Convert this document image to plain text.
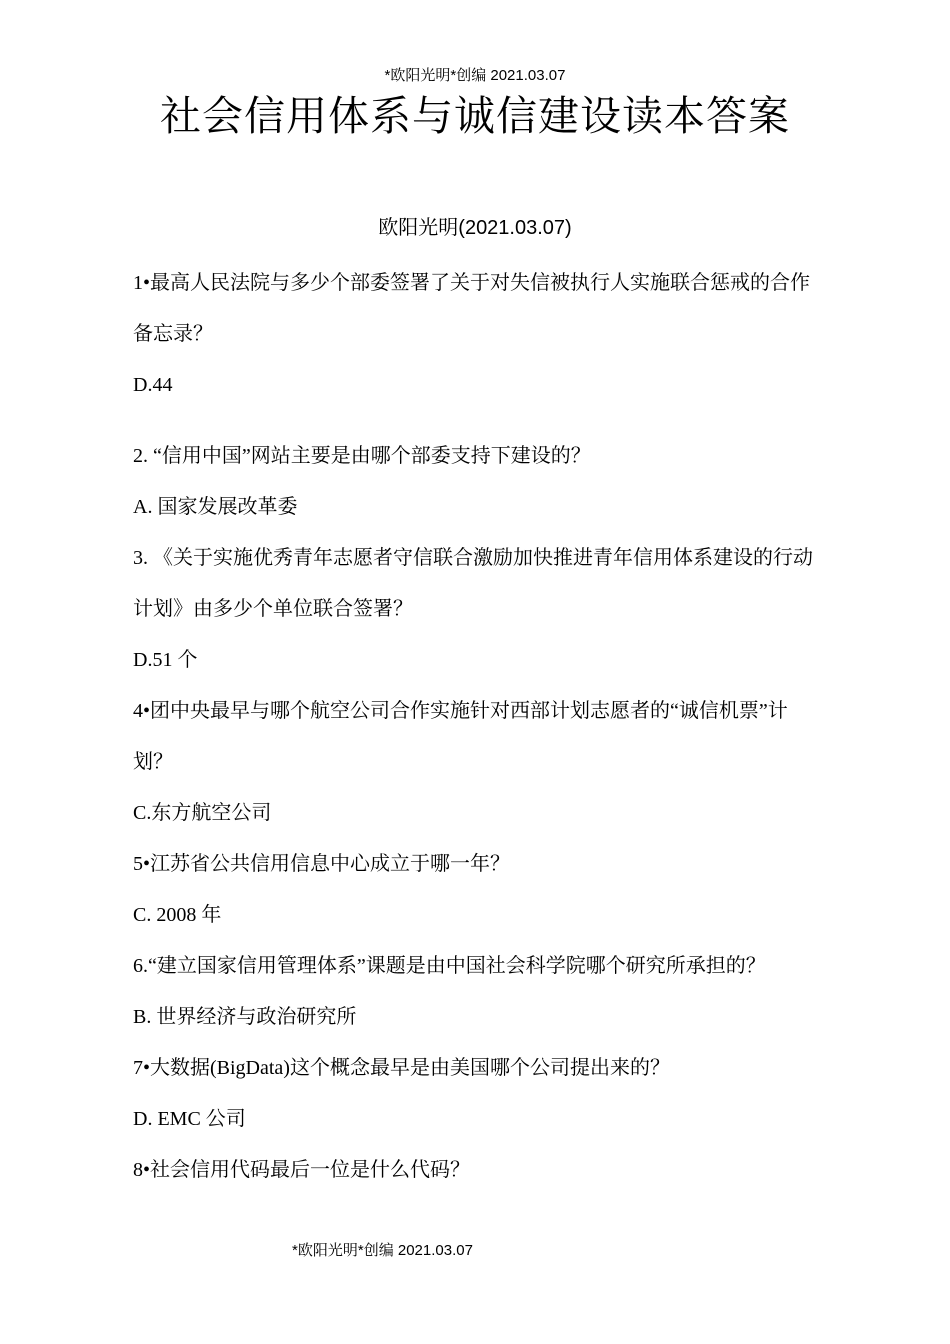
*欧阳光明*创编 2021.03.07
社会信用体系与诚信建设读本答案
欧阳光明(2021.03.07)

1•最高人民法院与多少个部委签署了关于对失信被执行人实施联合惩戒的合作备忘录？

D.44

2. “信用中国”网站主要是由哪个部委支持下建设的？

A. 国家发展改革委

3. 《关于实施优秀青年志愿者守信联合激励加快推进青年信用体系建设的行动计划》由多少个单位联合签署？

D.51 个

4•团中央最早与哪个航空公司合作实施针对西部计划志愿者的“诚信机票”计划？

C.东方航空公司

5•江苏省公共信用信息中心成立于哪一年？

C. 2008 年

6.“建立国家信用管理体系”课题是由中国社会科学院哪个研究所承担的？

B. 世界经济与政治研究所

7•大数据(BigData)这个概念最早是由美国哪个公司提出来的？

D. EMC 公司

8•社会信用代码最后一位是什么代码？

*欧阳光明*创编 2021.03.07
